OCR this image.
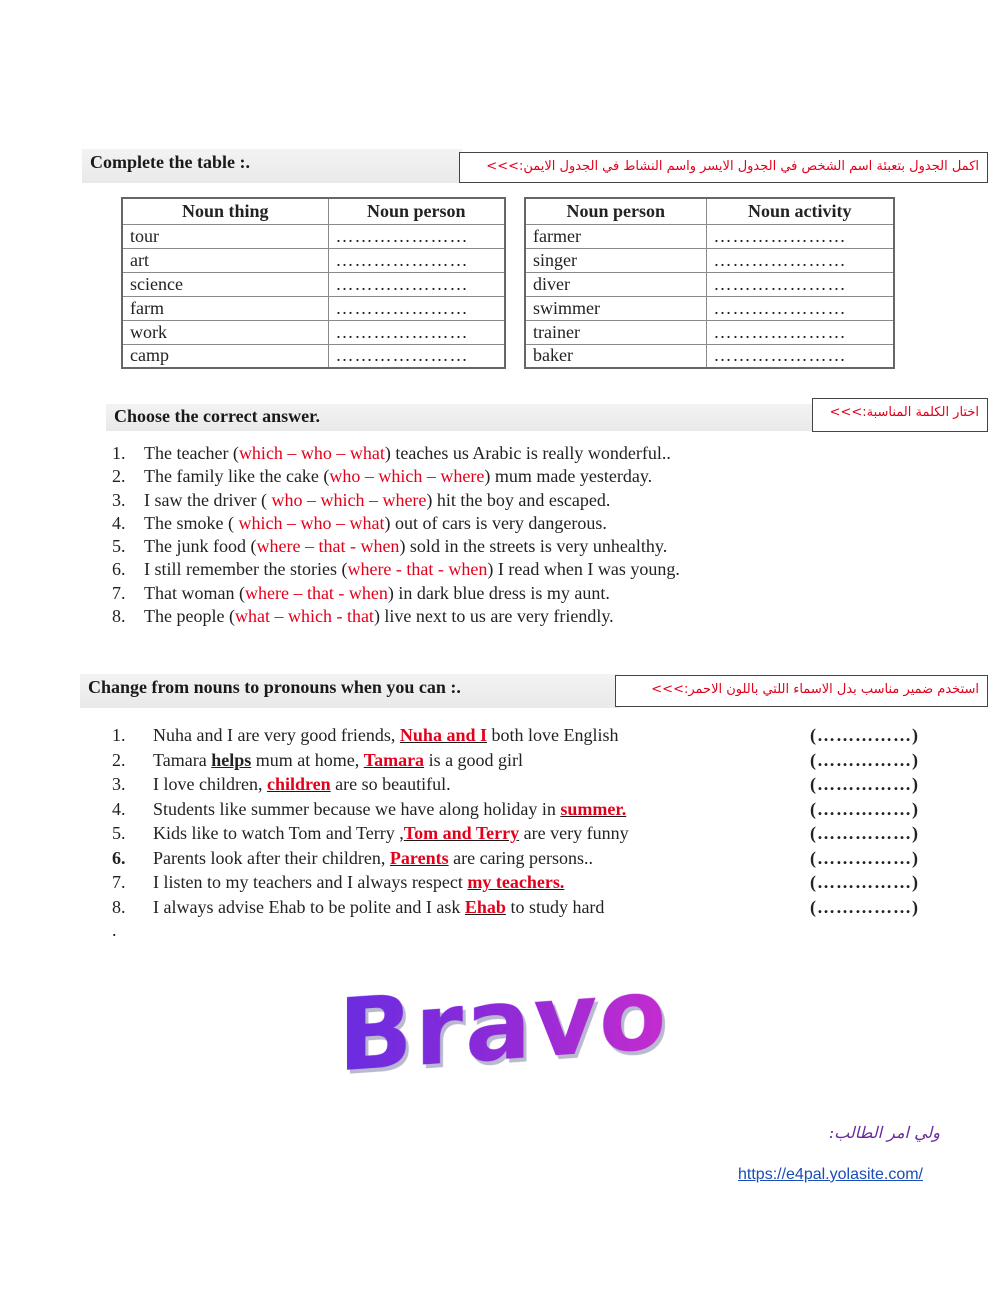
Complete the table :.	اكمل الجدول بتعبئة اسم الشخص في الجدول الايسر واسم النشاط في الجدول الايمن:>>>
Noun thing	Noun person
tour	…………………
art	…………………
science	…………………
farm	…………………
work	…………………
camp	…………………
Noun person	Noun activity
farmer	…………………
singer	…………………
diver	…………………
swimmer	…………………
trainer	…………………
baker	…………………
Choose the correct answer.	اختار الكلمة المناسبة:>>>
1. The teacher (which – who – what) teaches us Arabic is really wonderful..
2. The family like the cake (who – which – where) mum made yesterday.
3. I saw the driver ( who – which – where) hit the boy and escaped.
4. The smoke ( which – who – what) out of cars is very dangerous.
5. The junk food (where – that - when) sold in the streets is very unhealthy.
6. I still remember the stories (where - that - when) I read when I was young.
7. That woman (where – that - when) in dark blue dress is my aunt.
8. The people (what – which - that) live next to us are very friendly.
Change from nouns to pronouns when you can :.	استخدم ضمير مناسب بدل الاسماء اللتي باللون الاحمر:>>>
1. Nuha and I are very good friends, Nuha and I both love English	(……………)
2. Tamara helps mum at home, Tamara is a good girl	(……………)
3. I love children, children are so beautiful.	(……………)
4. Students like summer because we have along holiday in summer.	(……………)
5. Kids like to watch Tom and Terry ,Tom and Terry are very funny	(……………)
6. Parents look after their children, Parents are caring persons..	(……………)
7. I listen to my teachers and I always respect my teachers.	(……………)
8. I always advise Ehab to be polite and I ask Ehab to study hard	(……………)
.
Bravo
ولي امر الطالب:
https://e4pal.yolasite.com/
